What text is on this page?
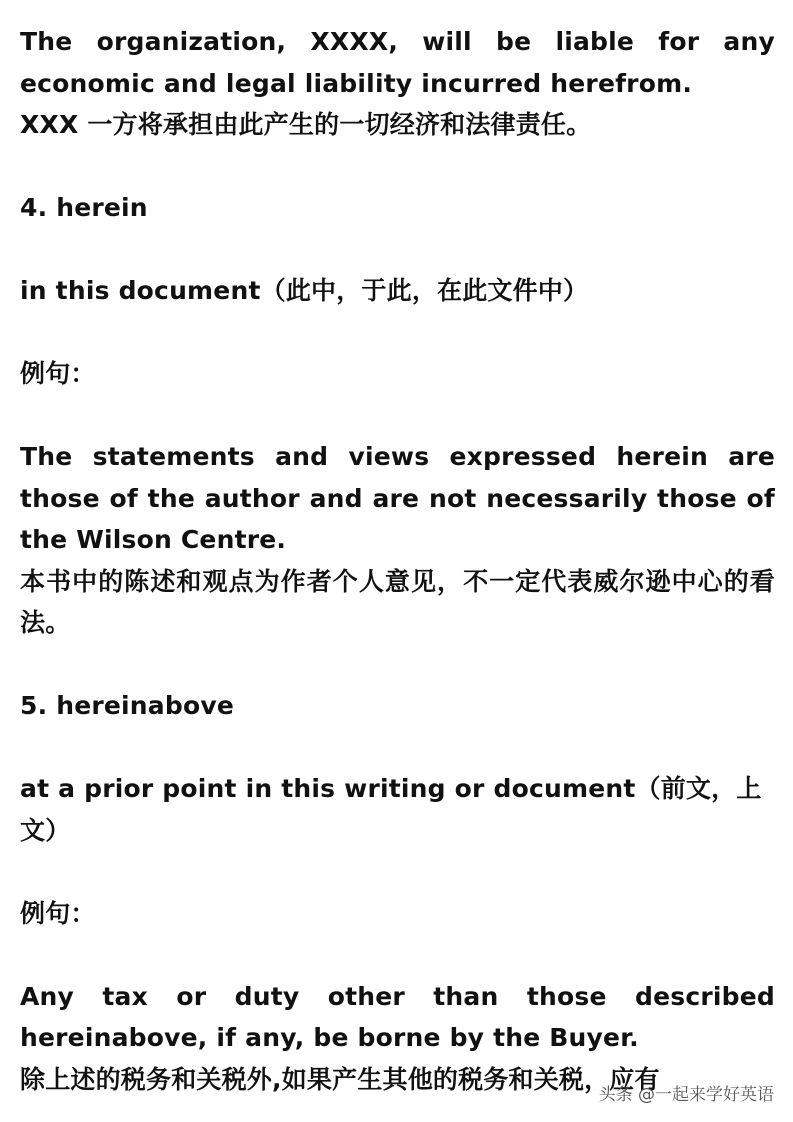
The organization, XXXX, will be liable for any economic and legal liability incurred herefrom.

XXX 一方将承担由此产生的一切经济和法律责任。

4. herein

in this document（此中，于此，在此文件中）

例句：

The statements and views expressed herein are those of the author and are not necessarily those of the Wilson Centre.

本书中的陈述和观点为作者个人意见，不一定代表威尔逊中心的看法。

5. hereinabove

at a prior point in this writing or document（前文，上文）

例句：

Any tax or duty other than those described hereinabove, if any, be borne by the Buyer.

除上述的税务和关税外,如果产生其他的税务和关税，应有

头条 @一起来学好英语
